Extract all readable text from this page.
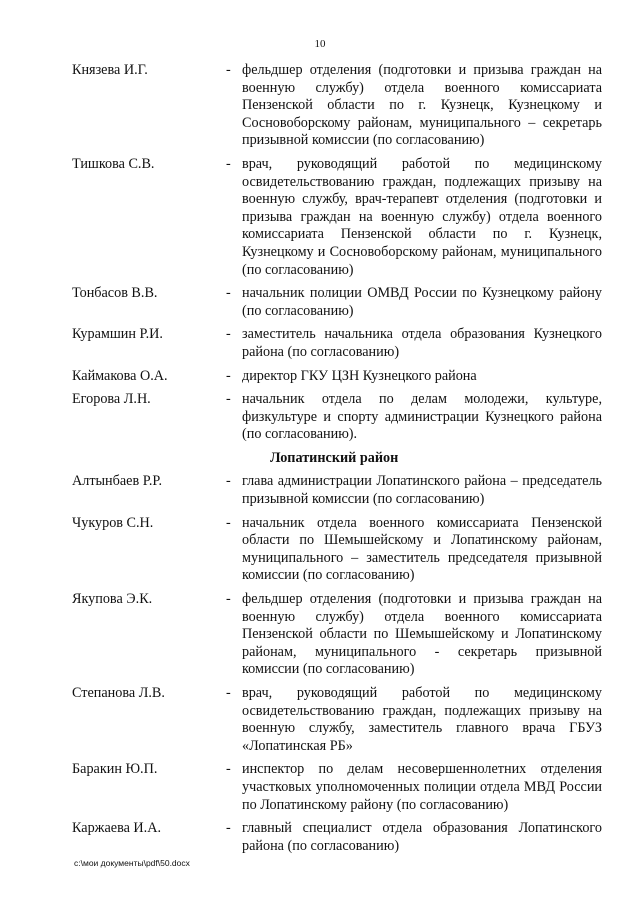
10
Князева И.Г.	- фельдшер отделения (подготовки и призыва граждан на военную службу) отдела военного комиссариата Пензенской области по г. Кузнецк, Кузнецкому и Сосновоборскому районам, муниципального – секретарь призывной комиссии (по согласованию)
Тишкова С.В.	- врач, руководящий работой по медицинскому освидетельствованию граждан, подлежащих призыву на военную службу, врач-терапевт отделения (подготовки и призыва граждан на военную службу) отдела военного комиссариата Пензенской области по г. Кузнецк, Кузнецкому и Сосновоборскому районам, муниципального (по согласованию)
Тонбасов В.В.	- начальник полиции ОМВД России по Кузнецкому району (по согласованию)
Курамшин Р.И.	- заместитель начальника отдела образования Кузнецкого района (по согласованию)
Каймакова О.А.	- директор ГКУ ЦЗН Кузнецкого района
Егорова Л.Н.	- начальник отдела по делам молодежи, культуре, физкультуре и спорту администрации Кузнецкого района (по согласованию).
Лопатинский район
Алтынбаев Р.Р.	- глава администрации Лопатинского района – председатель призывной комиссии (по согласованию)
Чукуров С.Н.	- начальник отдела военного комиссариата Пензенской области по Шемышейскому и Лопатинскому районам, муниципального – заместитель председателя призывной комиссии (по согласованию)
Якупова Э.К.	- фельдшер отделения (подготовки и призыва граждан на военную службу) отдела военного комиссариата Пензенской области по Шемышейскому и Лопатинскому районам, муниципального - секретарь призывной комиссии (по согласованию)
Степанова Л.В.	- врач, руководящий работой по медицинскому освидетельствованию граждан, подлежащих призыву на военную службу, заместитель главного врача ГБУЗ «Лопатинская РБ»
Баракин Ю.П.	- инспектор по делам несовершеннолетних отделения участковых уполномоченных полиции отдела МВД России по Лопатинскому району (по согласованию)
Каржаева И.А.	- главный специалист отдела образования Лопатинского района (по согласованию)
c:\мои документы\pdf\50.docx
